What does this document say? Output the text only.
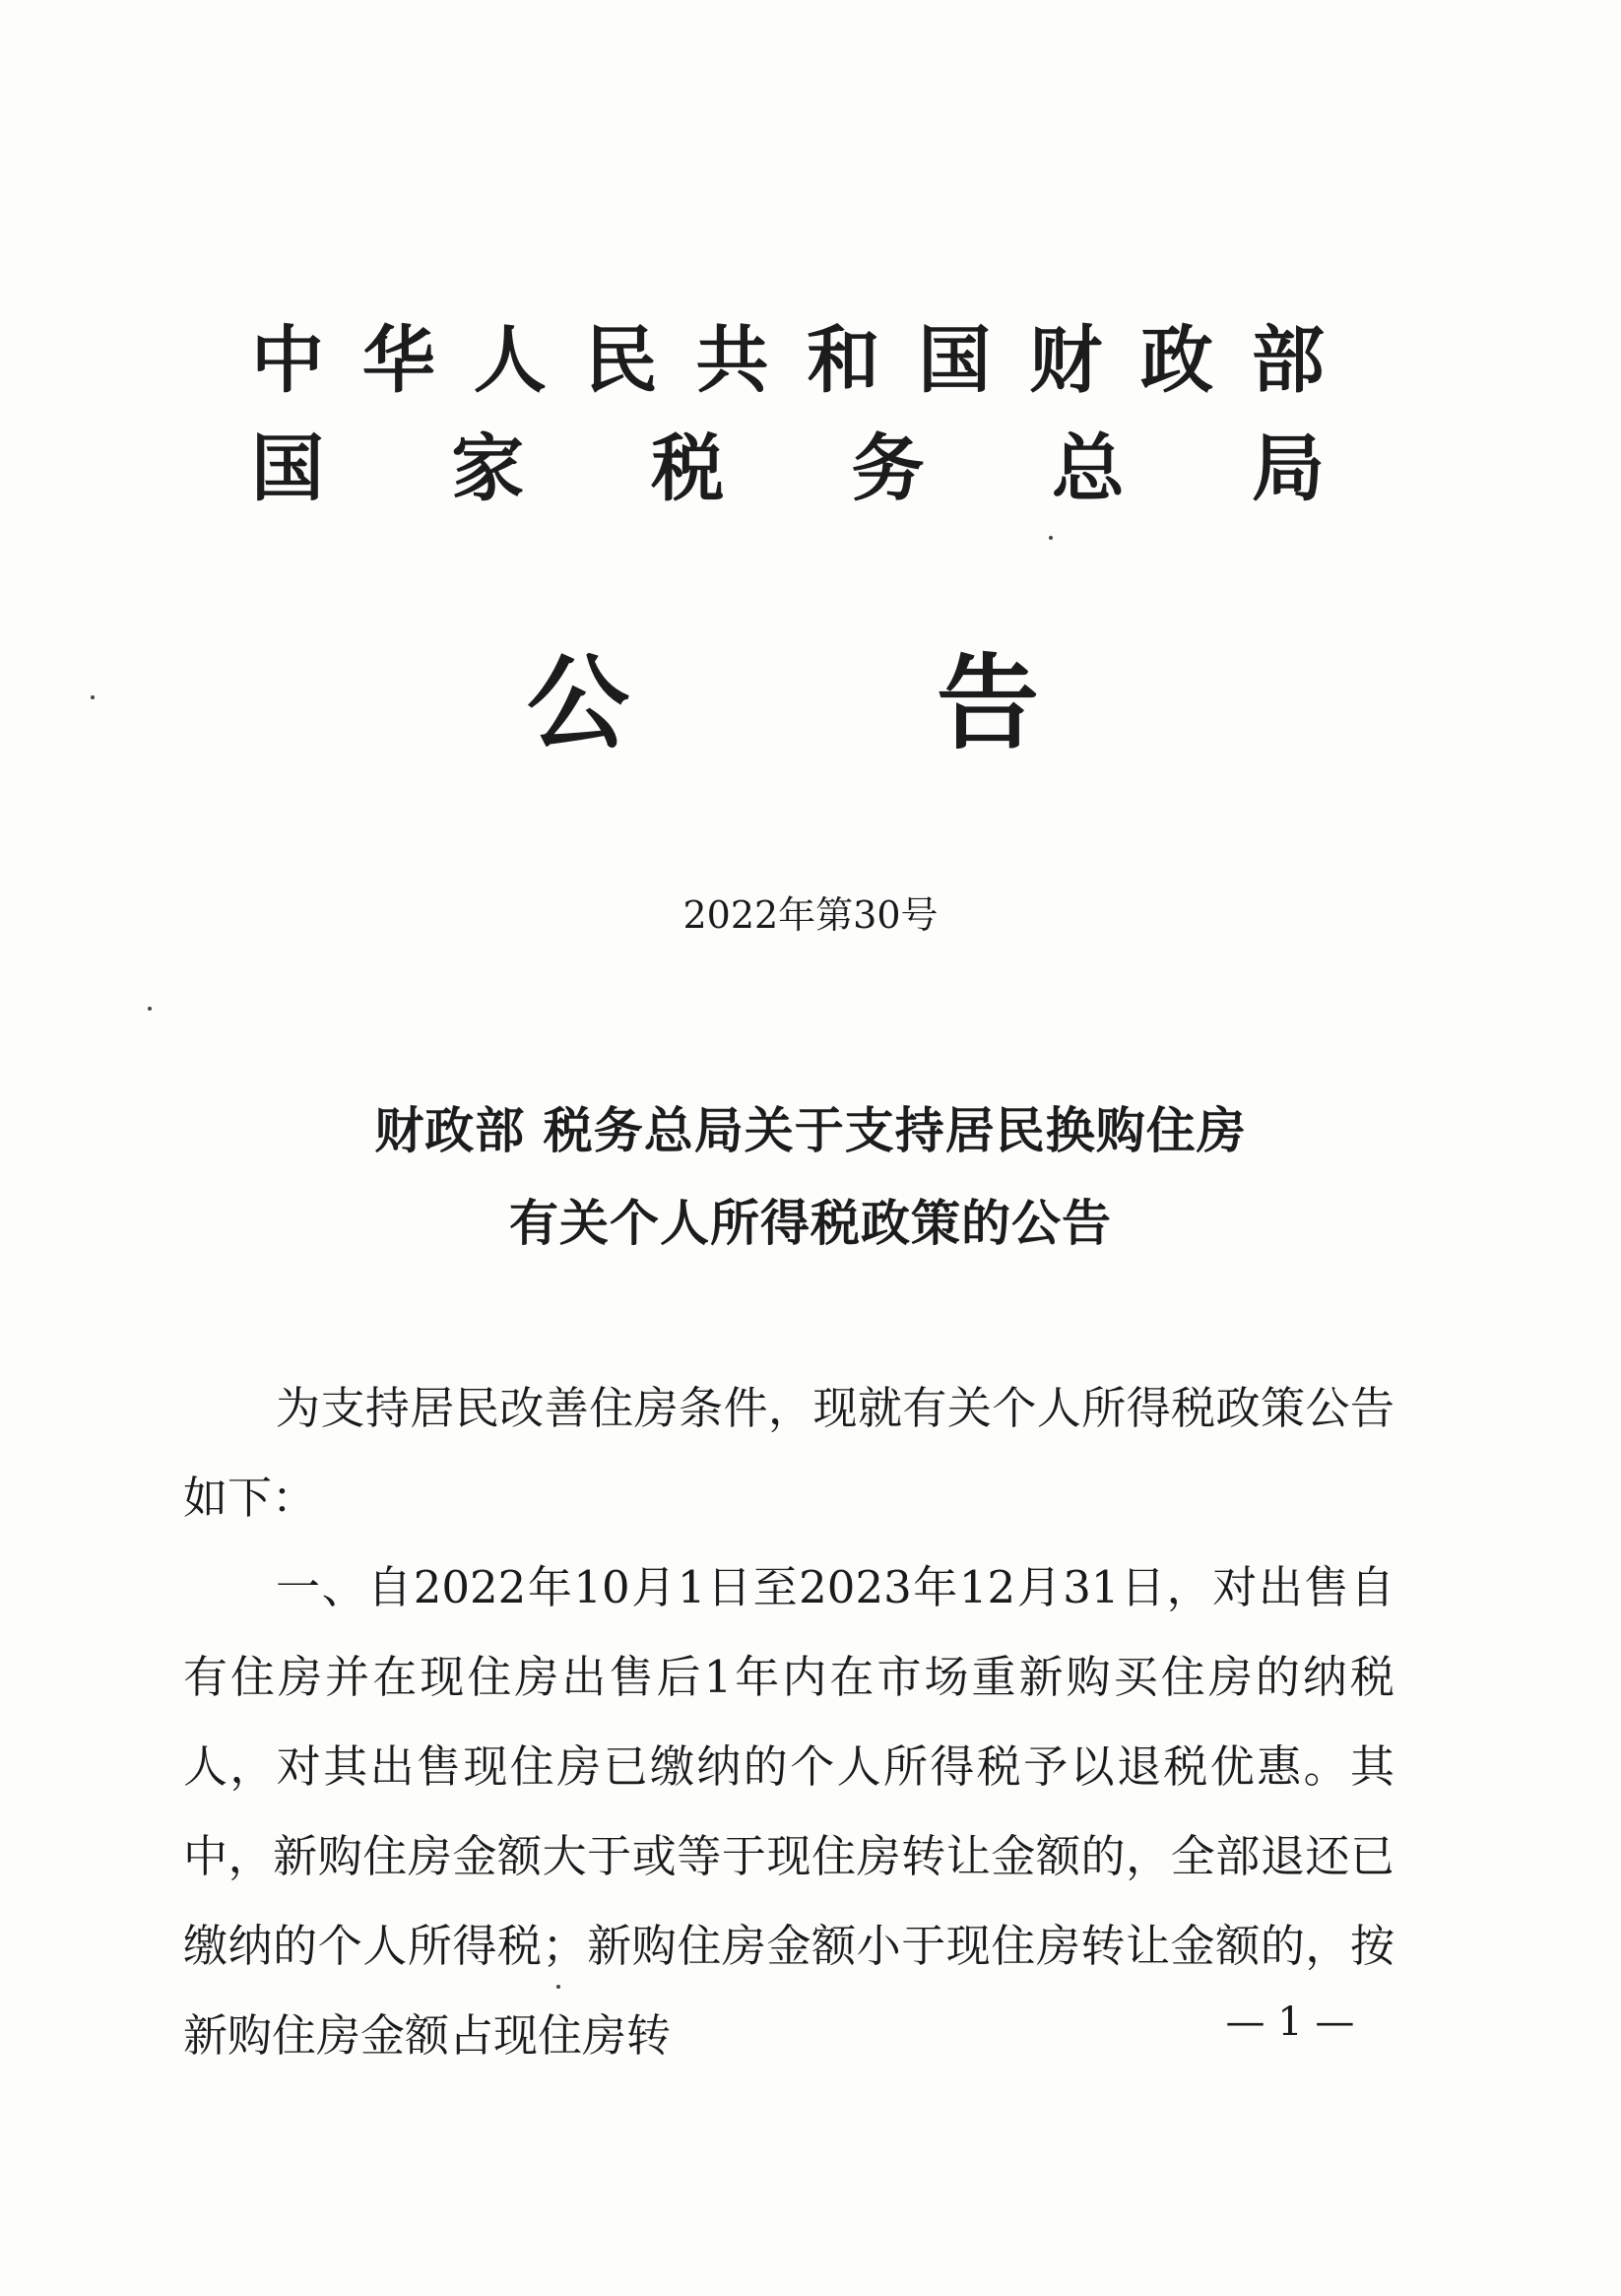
中 华 人 民 共 和 国 财 政 部
国 家 税 务 总 局
公	告
2022年第30号
财政部 税务总局关于支持居民换购住房
有关个人所得税政策的公告

为支持居民改善住房条件，现就有关个人所得税政策公告如下：

一、自2022年10月1日至2023年12月31日，对出售自有住房并在现住房出售后1年内在市场重新购买住房的纳税人，对其出售现住房已缴纳的个人所得税予以退税优惠。其中，新购住房金额大于或等于现住房转让金额的，全部退还已缴纳的个人所得税；新购住房金额小于现住房转让金额的，按新购住房金额占现住房转	— 1 —
